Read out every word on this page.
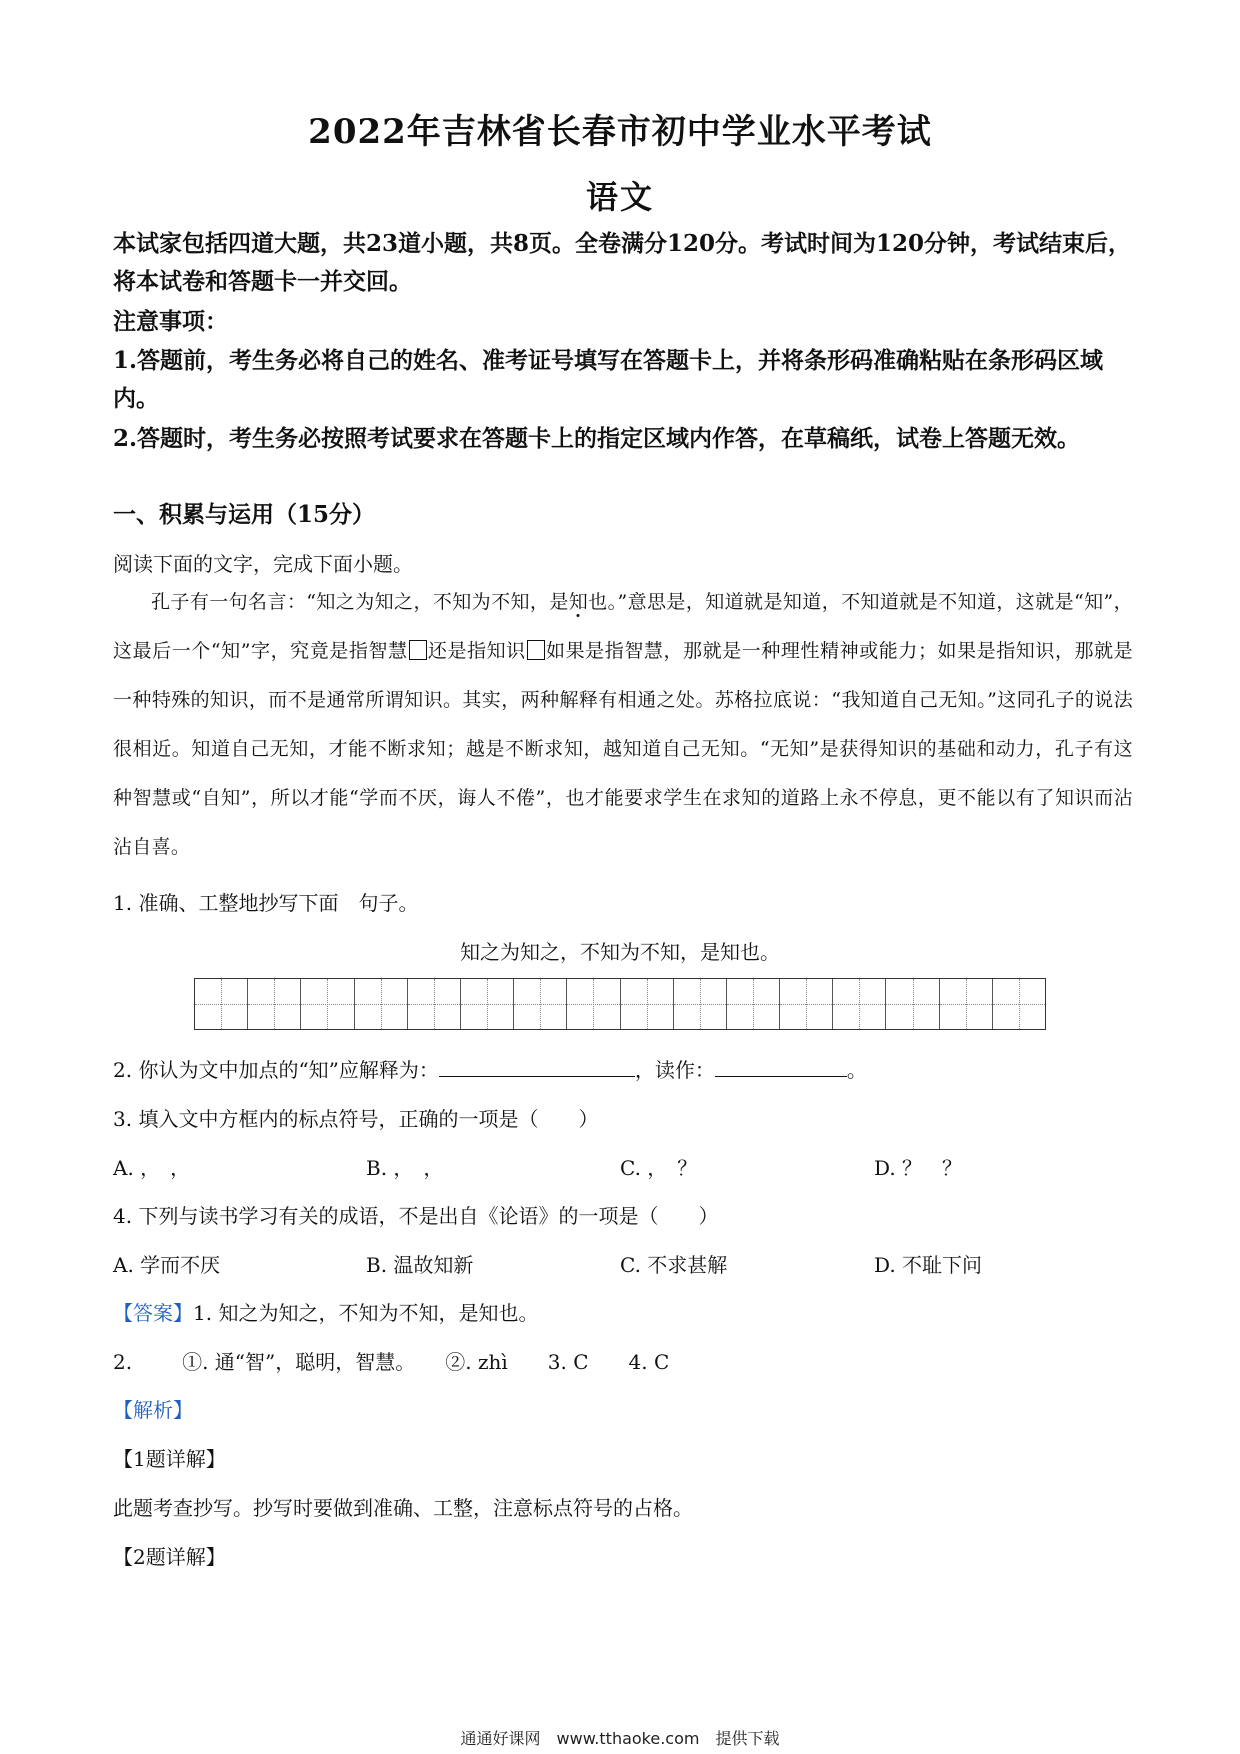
2022年吉林省长春市初中学业水平考试
语文
本试家包括四道大题，共23道小题，共8页。全卷满分120分。考试时间为120分钟，考试结束后，将本试卷和答题卡一并交回。
注意事项：
1.答题前，考生务必将自己的姓名、准考证号填写在答题卡上，并将条形码准确粘贴在条形码区域内。
2.答题时，考生务必按照考试要求在答题卡上的指定区域内作答，在草稿纸，试卷上答题无效。
一、积累与运用（15分）
阅读下面的文字，完成下面小题。

孔子有一句名言：“知之为知之，不知为不知，是知也。”意思是，知道就是知道，不知道就是不知道，这就是“知”，这最后一个“知”字，究竟是指智慧 还是指知识 如果是指智慧，那就是一种理性精神或能力；如果是指知识，那就是一种特殊的知识，而不是通常所谓知识。其实，两种解释有相通之处。苏格拉底说：“我知道自己无知。”这同孔子的说法很相近。知道自己无知，才能不断求知；越是不断求知，越知道自己无知。“无知”是获得知识的基础和动力，孔子有这种智慧或“自知”，所以才能“学而不厌，诲人不倦”，也才能要求学生在求知的道路上永不停息，更不能以有了知识而沾沾自喜。

1. 准确、工整地抄写下面　句子。
知之为知之，不知为不知，是知也。
2. 你认为文中加点的“知”应解释为：	，读作：	。
3. 填入文中方框内的标点符号，正确的一项是（　　）
A. ，　，	B. ，　，	C. ，　？	D. ？　？
4. 下列与读书学习有关的成语，不是出自《论语》的一项是（　　）
A. 学而不厌	B. 温故知新	C. 不求甚解	D. 不耻下问
【答案】1. 知之为知之，不知为不知，是知也。
2.	①. 通“智”，聪明，智慧。　　②. zhì　　3. C　　4. C
【解析】
【1题详解】
此题考查抄写。抄写时要做到准确、工整，注意标点符号的占格。
【2题详解】
通通好课网　www.tthaoke.com　提供下载
